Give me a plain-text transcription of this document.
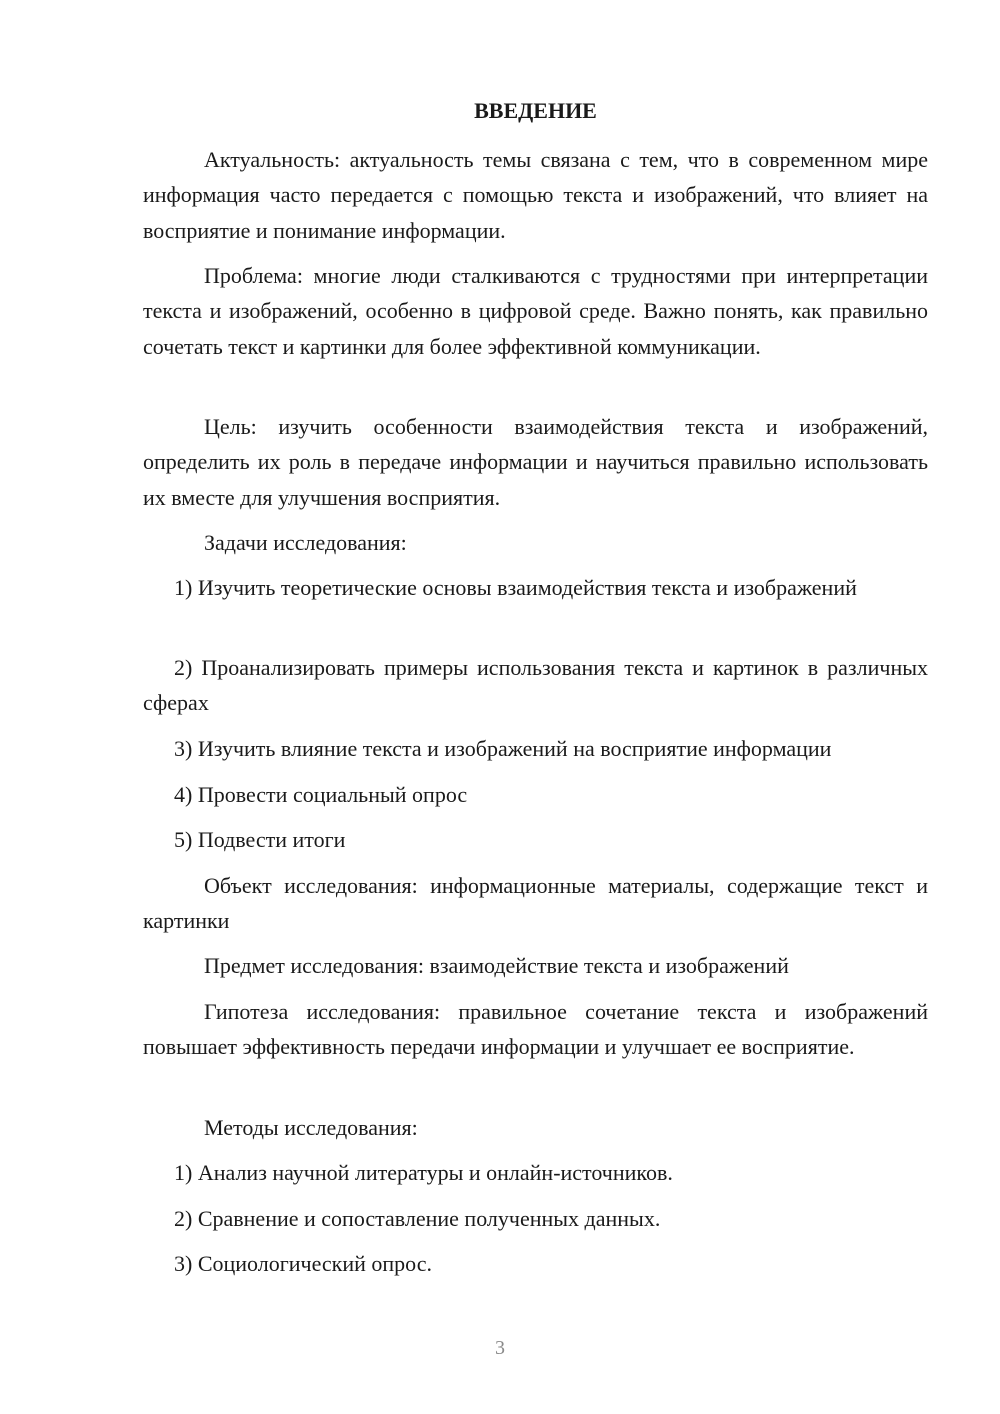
ВВЕДЕНИЕ

Актуальность: актуальность темы связана с тем, что в современном мире информация часто передается с помощью текста и изображений, что влияет на восприятие и понимание информации.

Проблема: многие люди сталкиваются с трудностями при интерпретации текста и изображений, особенно в цифровой среде. Важно понять, как правильно сочетать текст и картинки для более эффективной коммуникации.

Цель: изучить особенности взаимодействия текста и изображений, определить их роль в передаче информации и научиться правильно использовать их вместе для улучшения восприятия.

Задачи исследования:

1) Изучить теоретические основы взаимодействия текста и изображений

2) Проанализировать примеры использования текста и картинок в различных сферах

3) Изучить влияние текста и изображений на восприятие информации

4) Провести социальный опрос

5) Подвести итоги

Объект исследования: информационные материалы, содержащие текст и картинки

Предмет исследования: взаимодействие текста и изображений

Гипотеза исследования: правильное сочетание текста и изображений повышает эффективность передачи информации и улучшает ее восприятие.

Методы исследования:

1) Анализ научной литературы и онлайн-источников.

2) Сравнение и сопоставление полученных данных.

3) Социологический опрос.

3
